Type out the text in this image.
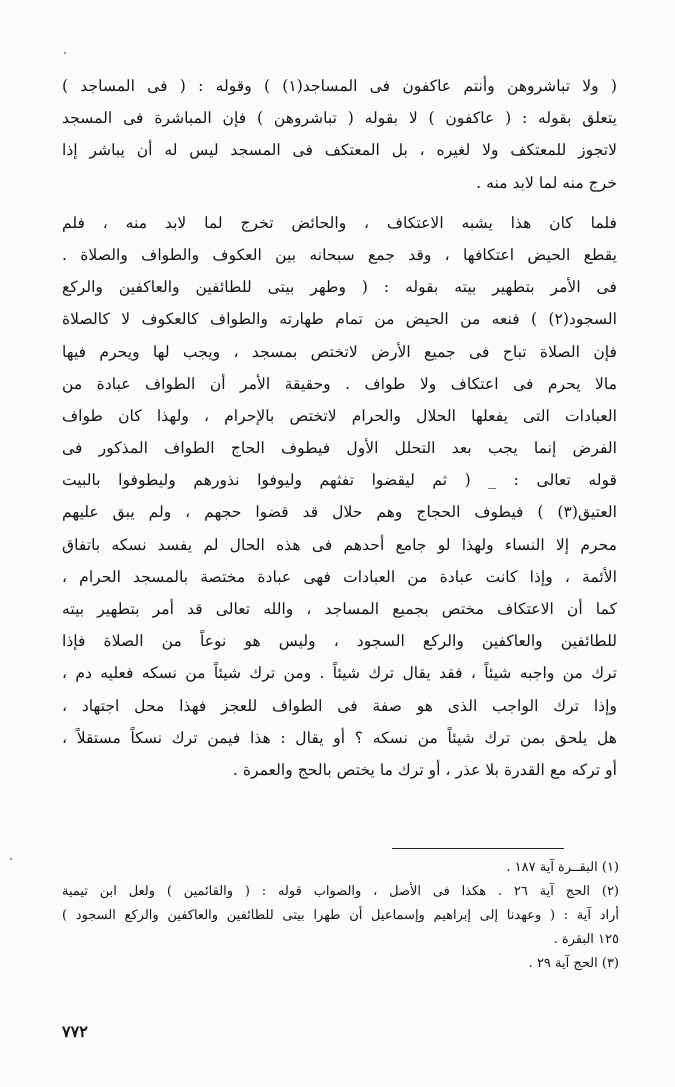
( ولا تباشروهن وأنتم عاكفون فى المساجد(١) ) وقوله : ( فى المساجد )
يتعلق بقوله : ( عاكفون ) لا بقوله ( تباشروهن ) فإن المباشرة فى المسجد
لاتجوز للمعتكف ولا لغيره ، بل المعتكف فى المسجد ليس له أن يباشر إذا
خرج منه لما لابد منه .
فلما كان هذا يشبه الاعتكاف ، والحائض تخرج لما لابد منه ، فلم
يقطع الحيض اعتكافها ، وقد جمع سبحانه بين العكوف والطواف والصلاة .
فى الأمر بتطهير بيته بقوله : ( وطهر بيتى للطائفين والعاكفين والركع
السجود(٢) ) فنعه من الحيض من تمام طهارته والطواف كالعكوف لا كالصلاة
فإن الصلاة تباح فى جميع الأرض لاتختص بمسجد ، ويجب لها ويحرم فيها
مالا يحرم فى اعتكاف ولا طواف . وحقيقة الأمر أن الطواف عبادة من
العبادات التى يفعلها الحلال والحرام لاتختص بالإحرام ، ولهذا كان طواف
الفرض إنما يجب بعد التحلل الأول فيطوف الحاج الطواف المذكور فى
قوله تعالى : _ ( ثم ليقضوا تفثهم وليوفوا نذورهم وليطوفوا بالبيت
العتيق(٣) ) فيطوف الحجاج وهم حلال قد قضوا حجهم ، ولم يبق عليهم
محرم إلا النساء ولهذا لو جامع أحدهم فى هذه الحال لم يفسد نسكه باتفاق
الأئمة ، وإذا كانت عبادة من العبادات فهى عبادة مختصة بالمسجد الحرام ،
كما أن الاعتكاف مختص بجميع المساجد ، والله تعالى قد أمر بتطهير بيته
للطائفين والعاكفين والركع السجود ، وليس هو نوعاً من الصلاة فإذا
ترك من واجبه شيئاً ، فقد يقال ترك شيئاً . ومن ترك شيئاً من نسكه فعليه دم ،
وإذا ترك الواجب الذى هو صفة فى الطواف للعجز فهذا محل اجتهاد ،
هل يلحق بمن ترك شيئاً من نسكه ؟ أو يقال : هذا فيمن ترك نسكاً مستقلاً ،
أو تركه مع القدرة بلا عذر ، أو ترك ما يختص بالحج والعمرة .
(١) البقــرة آية ١٨٧ .
(٢) الحج آية ٢٦ . هكذا فى الأصل ، والصواب قوله : ( والقائمين ) ولعل ابن تيمية
أراد آية : ( وعهدنا إلى إبراهيم وإسماعيل أن طهرا بيتى للطائفين والعاكفين والركع السجود )
١٢٥ البقرة .
(٣) الحج آية ٢٩ .
٧٧٢
